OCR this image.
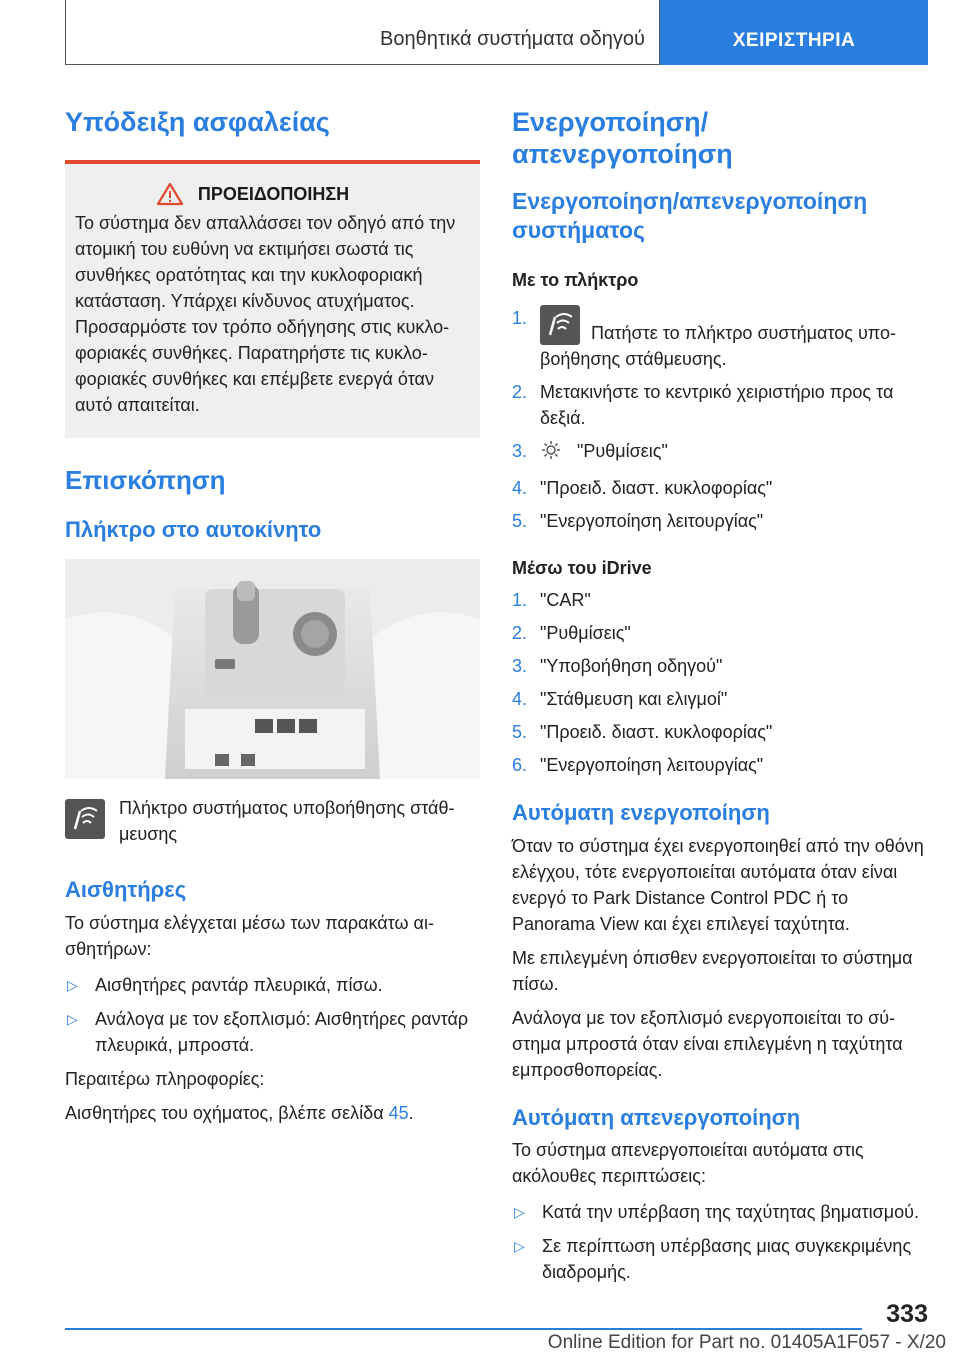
Βοηθητικά συστήματα οδηγού	ΧΕΙΡΙΣΤΗΡΙΑ
Υπόδειξη ασφαλείας
ΠΡΟΕΙΔΟΠΟΙΗΣΗ

Το σύστημα δεν απαλλάσσει τον οδηγό από την ατομική του ευθύνη να εκτιμήσει σωστά τις συνθήκες ορατότητας και την κυκλοφοριακή κατάσταση. Υπάρχει κίνδυνος ατυχήματος. Προσαρμόστε τον τρόπο οδήγησης στις κυκλοφοριακές συνθήκες. Παρατηρήστε τις κυκλοφοριακές συνθήκες και επέμβετε ενεργά όταν αυτό απαιτείται.

Επισκόπηση
Πλήκτρο στο αυτοκίνητο

Πλήκτρο συστήματος υποβοήθησης στάθμευσης

Αισθητήρες

Το σύστημα ελέγχεται μέσω των παρακάτω αισθητήρων:

▷ Αισθητήρες ραντάρ πλευρικά, πίσω.
▷ Ανάλογα με τον εξοπλισμό: Αισθητήρες ραντάρ πλευρικά, μπροστά.

Περαιτέρω πληροφορίες:

Αισθητήρες του οχήματος, βλέπε σελίδα 45.

Ενεργοποίηση/απενεργοποίηση
Ενεργοποίηση/απενεργοποίηση συστήματος
Με το πλήκτρο
1.
Πατήστε το πλήκτρο συστήματος υποβοήθησης στάθμευσης.
2. Μετακινήστε το κεντρικό χειριστήριο προς τα δεξιά.
3.	"Ρυθμίσεις"
4. "Προειδ. διαστ. κυκλοφορίας"
5. "Ενεργοποίηση λειτουργίας"
Μέσω του iDrive
1. "CAR"
2. "Ρυθμίσεις"
3. "Υποβοήθηση οδηγού"
4. "Στάθμευση και ελιγμοί"
5. "Προειδ. διαστ. κυκλοφορίας"
6. "Ενεργοποίηση λειτουργίας"
Αυτόματη ενεργοποίηση

Όταν το σύστημα έχει ενεργοποιηθεί από την οθόνη ελέγχου, τότε ενεργοποιείται αυτόματα όταν είναι ενεργό το Park Distance Control PDC ή το Panorama View και έχει επιλεγεί ταχύτητα.

Με επιλεγμένη όπισθεν ενεργοποιείται το σύστημα πίσω.

Ανάλογα με τον εξοπλισμό ενεργοποιείται το σύστημα μπροστά όταν είναι επιλεγμένη η ταχύτητα εμπροσθοπορείας.

Αυτόματη απενεργοποίηση

Το σύστημα απενεργοποιείται αυτόματα στις ακόλουθες περιπτώσεις:

▷ Κατά την υπέρβαση της ταχύτητας βηματισμού.
▷ Σε περίπτωση υπέρβασης μιας συγκεκριμένης διαδρομής.
333
Online Edition for Part no. 01405A1F057 - X/20
